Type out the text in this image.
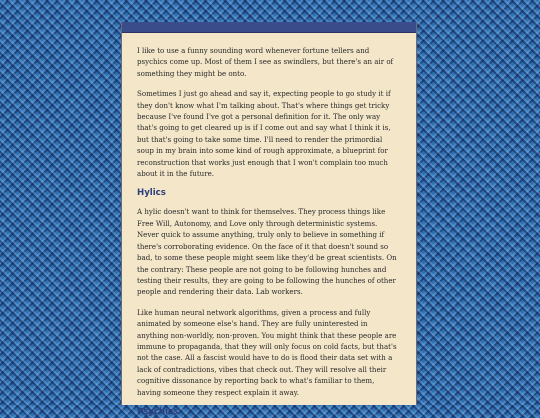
I like to use a funny sounding word whenever fortune tellers and psychics come up. Most of them I see as swindlers, but there's an air of something they might be onto.

Sometimes I just go ahead and say it, expecting people to go study it if they don't know what I'm talking about. That's where things get tricky because I've found I've got a personal definition for it. The only way that's going to get cleared up is if I come out and say what I think it is, but that's going to take some time. I'll need to render the primordial soup in my brain into some kind of rough approximate, a blueprint for reconstruction that works just enough that I won't complain too much about it in the future.

Hylics

A hylic doesn't want to think for themselves. They process things like Free Will, Autonomy, and Love only through deterministic systems. Never quick to assume anything, truly only to believe in something if there's corroborating evidence. On the face of it that doesn't sound so bad, to some these people might seem like they'd be great scientists. On the contrary: These people are not going to be following hunches and testing their results, they are going to be following the hunches of other people and rendering their data. Lab workers.

Like human neural network algorithms, given a process and fully animated by someone else's hand. They are fully uninterested in anything non-worldly, non-proven. You might think that these people are immune to propaganda, that they will only focus on cold facts, but that's not the case. All a fascist would have to do is flood their data set with a lack of contradictions, vibes that check out. They will resolve all their cognitive dissonance by reporting back to what's familiar to them, having someone they respect explain it away.

Psychics
